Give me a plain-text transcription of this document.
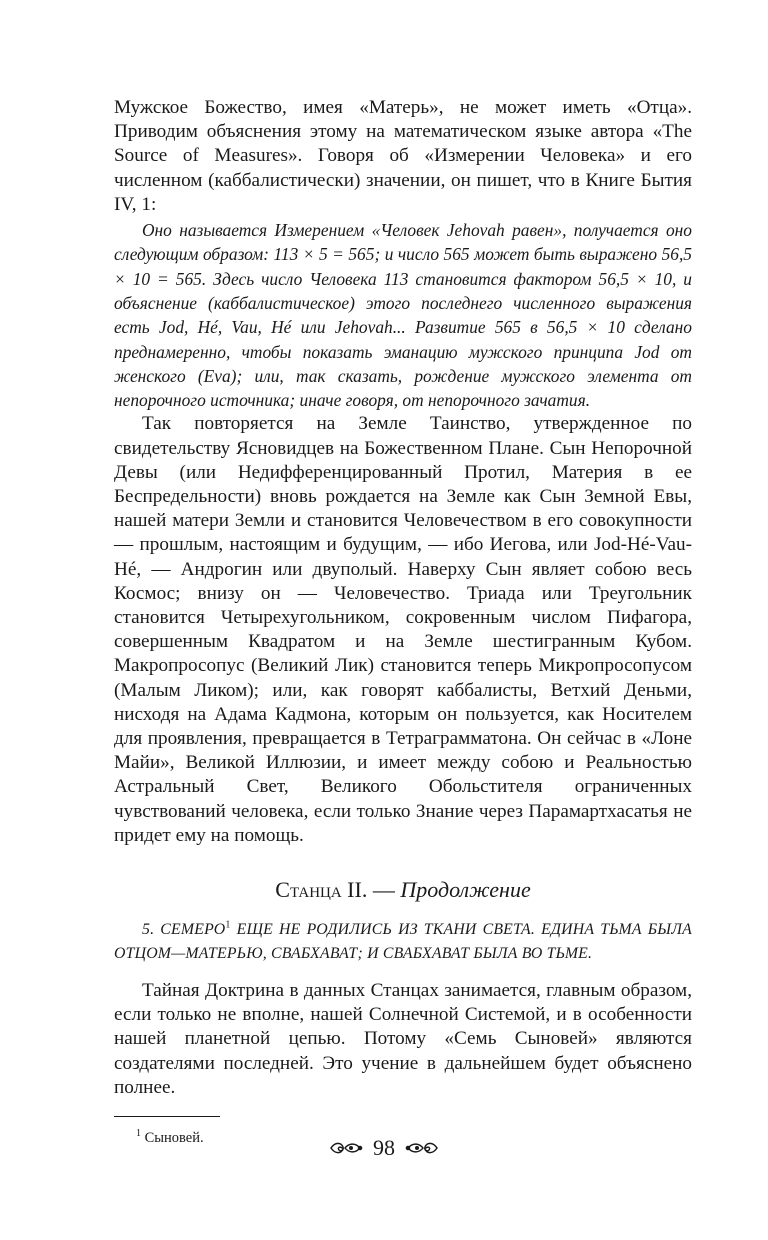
Мужское Божество, имея «Матерь», не может иметь «Отца». Приводим объяснения этому на математическом языке автора «The Source of Measures». Говоря об «Измерении Человека» и его численном (каббалистически) значении, он пишет, что в Книге Бытия IV, 1:

Оно называется Измерением «Человек Jehovah равен», получается оно следующим образом: 113 × 5 = 565; и число 565 может быть выражено 56,5 × 10 = 565. Здесь число Человека 113 становится фактором 56,5 × 10, и объяснение (каббалистическое) этого последнего численного выражения есть Jod, Hé, Vau, Hé или Jehovah... Развитие 565 в 56,5 × 10 сделано преднамеренно, чтобы показать эманацию мужского принципа Jod от женского (Eva); или, так сказать, рождение мужского элемента от непорочного источника; иначе говоря, от непорочного зачатия.

Так повторяется на Земле Таинство, утвержденное по свидетельству Ясновидцев на Божественном Плане. Сын Непорочной Девы (или Недифференцированный Протил, Материя в ее Беспредельности) вновь рождается на Земле как Сын Земной Евы, нашей матери Земли и становится Человечеством в его совокупности — прошлым, настоящим и будущим, — ибо Иегова, или Jod-Hé-Vau-Hé, — Андрогин или двуполый. Наверху Сын являет собою весь Космос; внизу он — Человечество. Триада или Треугольник становится Четырехугольником, сокровенным числом Пифагора, совершенным Квадратом и на Земле шестигранным Кубом. Макропросопус (Великий Лик) становится теперь Микропросопусом (Малым Ликом); или, как говорят каббалисты, Ветхий Деньми, нисходя на Адама Кадмона, которым он пользуется, как Носителем для проявления, превращается в Тетраграмматона. Он сейчас в «Лоне Майи», Великой Иллюзии, и имеет между собою и Реальностью Астральный Свет, Великого Обольстителя ограниченных чувствований человека, если только Знание через Парамартхасатья не придет ему на помощь.

Станца II. — Продолжение

5. СЕМЕРО$^1$ ЕЩЕ НЕ РОДИЛИСЬ ИЗ ТКАНИ СВЕТА. ЕДИНА ТЬМА БЫЛА ОТЦОМ—МАТЕРЬЮ, СВАБХАВАТ; И СВАБХАВАТ БЫЛА ВО ТЬМЕ.

Тайная Доктрина в данных Станцах занимается, главным образом, если только не вполне, нашей Солнечной Системой, и в особенности нашей планетной цепью. Потому «Семь Сыновей» являются создателями последней. Это учение в дальнейшем будет объяснено полнее.

$^1$ Сыновей.	98
